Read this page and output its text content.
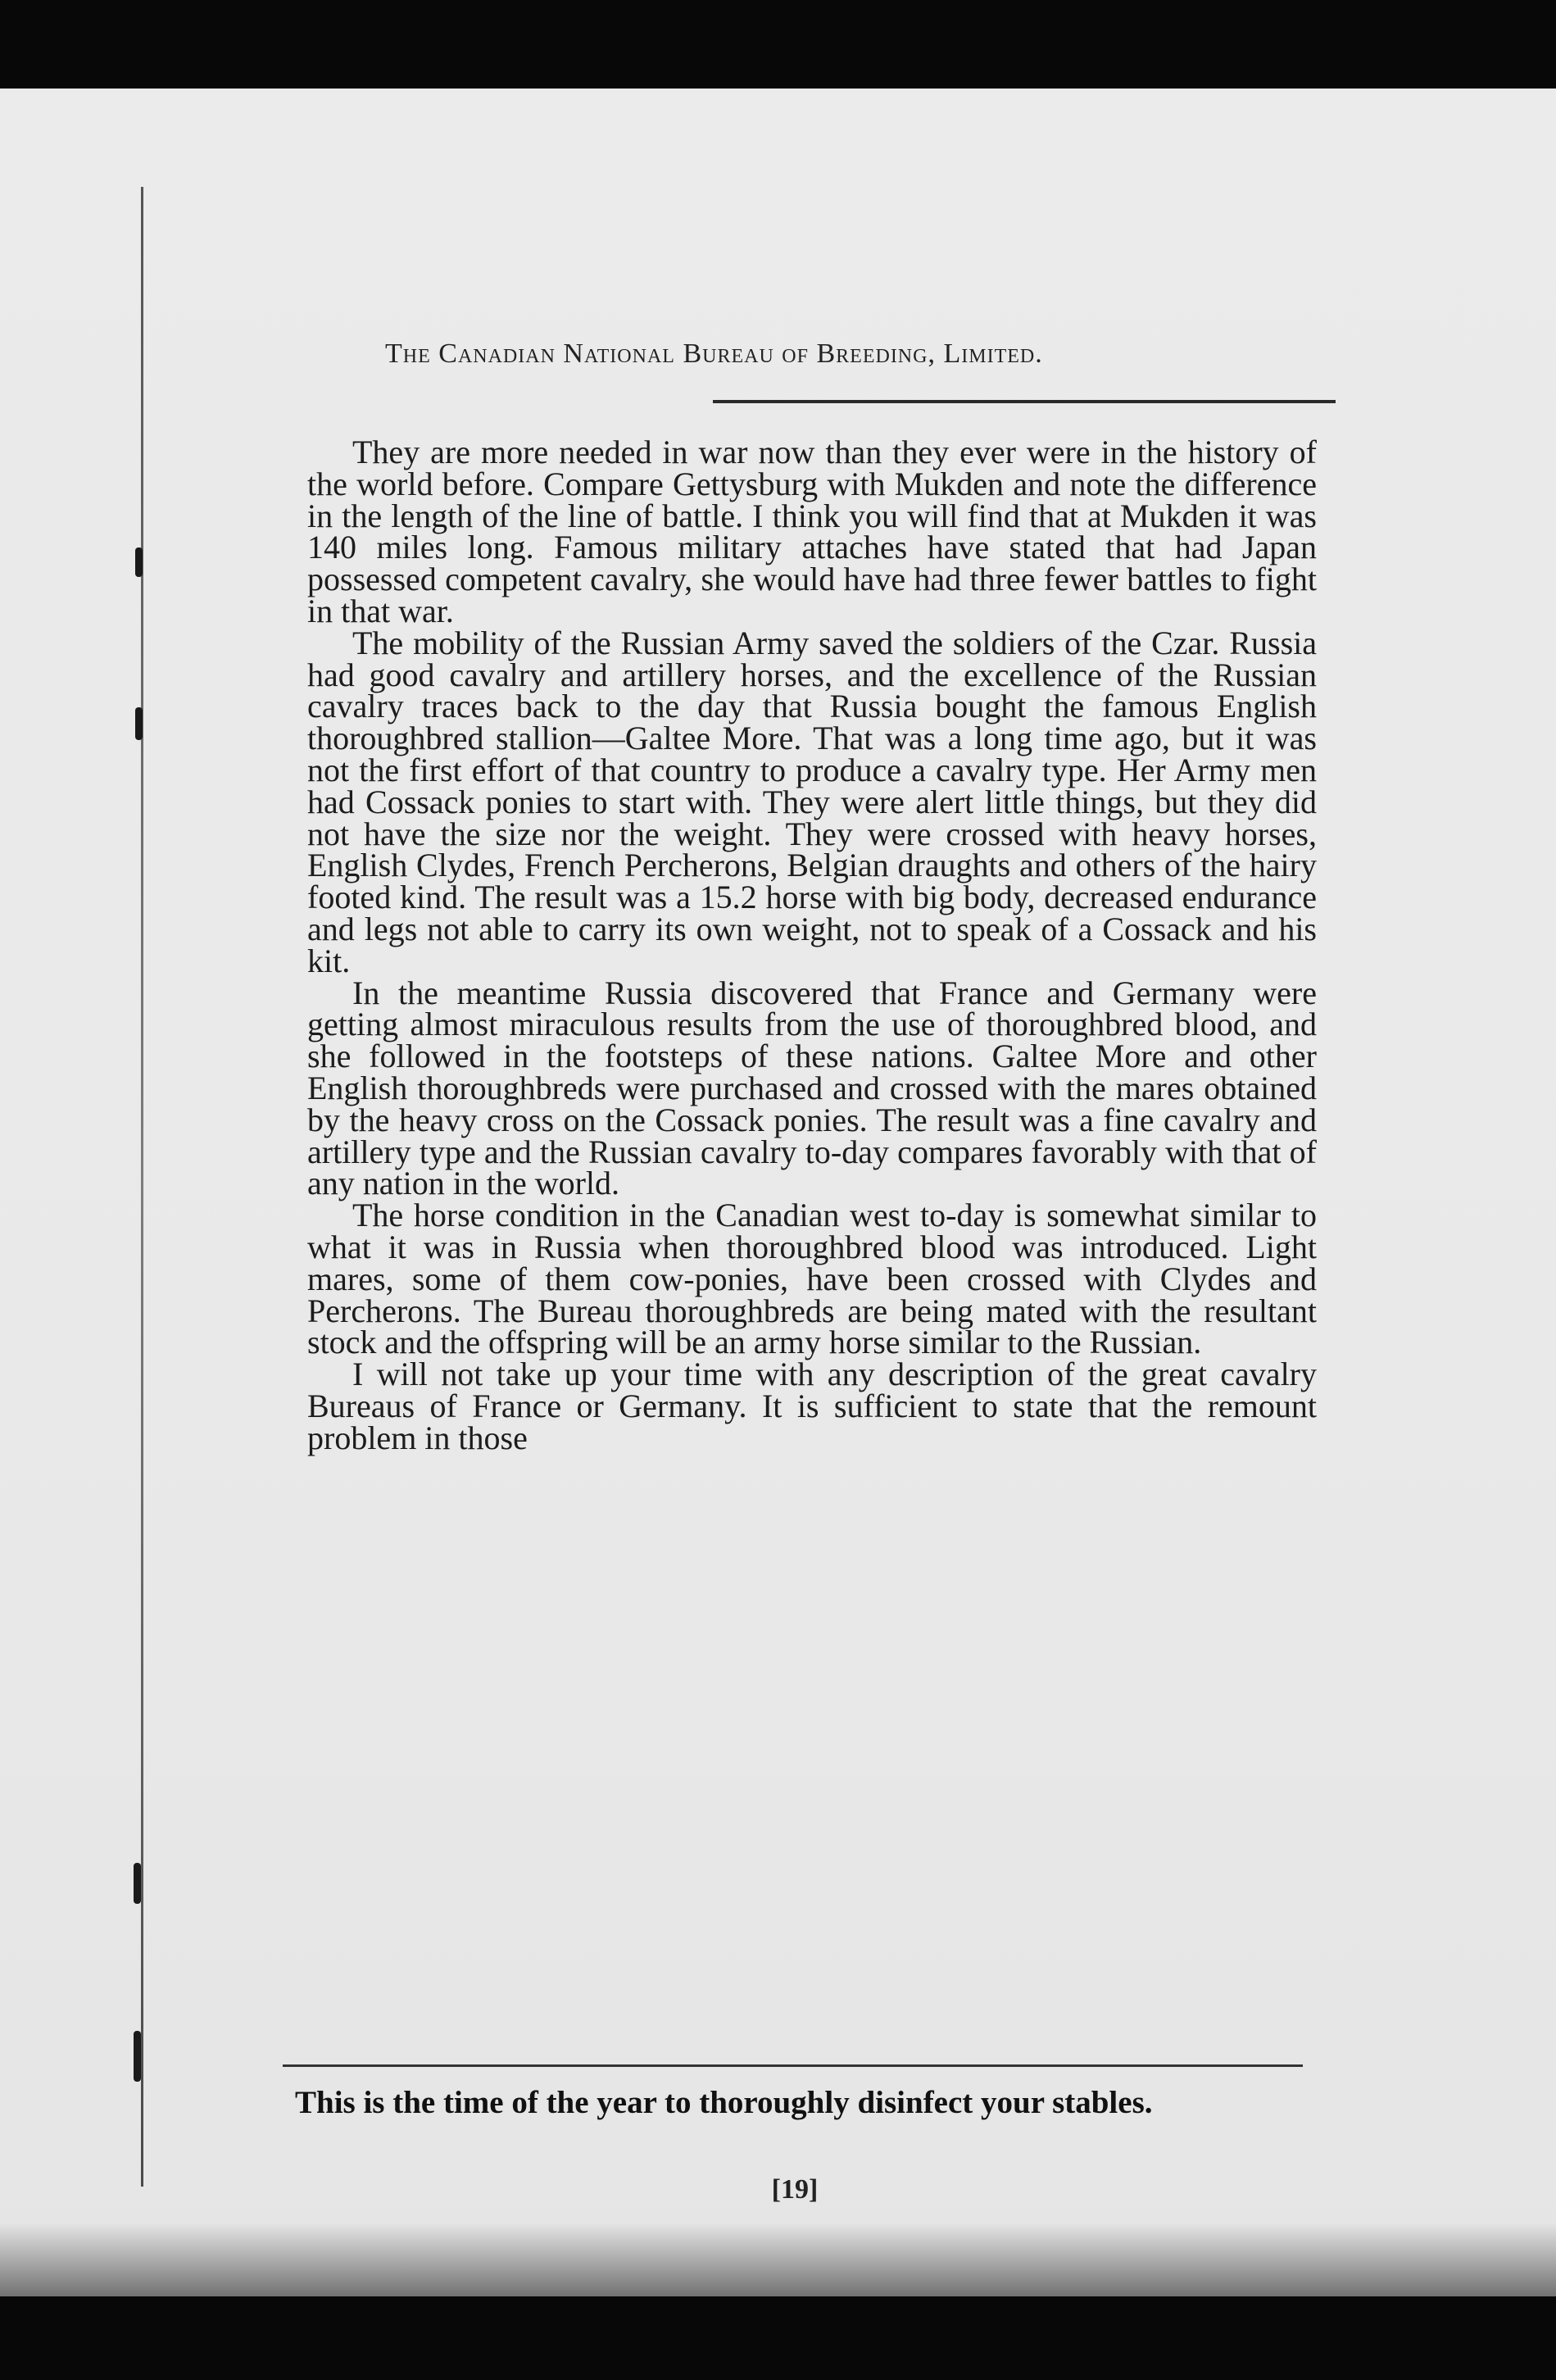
The Canadian National Bureau of Breeding, Limited.

They are more needed in war now than they ever were in the history of the world before. Compare Gettysburg with Mukden and note the difference in the length of the line of battle. I think you will find that at Mukden it was 140 miles long. Famous military attaches have stated that had Japan possessed competent cavalry, she would have had three fewer battles to fight in that war.

The mobility of the Russian Army saved the soldiers of the Czar. Russia had good cavalry and artillery horses, and the excellence of the Russian cavalry traces back to the day that Russia bought the famous English thoroughbred stallion—Galtee More. That was a long time ago, but it was not the first effort of that country to produce a cavalry type. Her Army men had Cossack ponies to start with. They were alert little things, but they did not have the size nor the weight. They were crossed with heavy horses, English Clydes, French Percherons, Belgian draughts and others of the hairy footed kind. The result was a 15.2 horse with big body, decreased endurance and legs not able to carry its own weight, not to speak of a Cossack and his kit.

In the meantime Russia discovered that France and Germany were getting almost miraculous results from the use of thoroughbred blood, and she followed in the footsteps of these nations. Galtee More and other English thoroughbreds were purchased and crossed with the mares obtained by the heavy cross on the Cossack ponies. The result was a fine cavalry and artillery type and the Russian cavalry to-day compares favorably with that of any nation in the world.

The horse condition in the Canadian west to-day is somewhat similar to what it was in Russia when thoroughbred blood was introduced. Light mares, some of them cow-ponies, have been crossed with Clydes and Percherons. The Bureau thoroughbreds are being mated with the resultant stock and the offspring will be an army horse similar to the Russian.

I will not take up your time with any description of the great cavalry Bureaus of France or Germany. It is sufficient to state that the remount problem in those

This is the time of the year to thoroughly disinfect your stables.
[19]
